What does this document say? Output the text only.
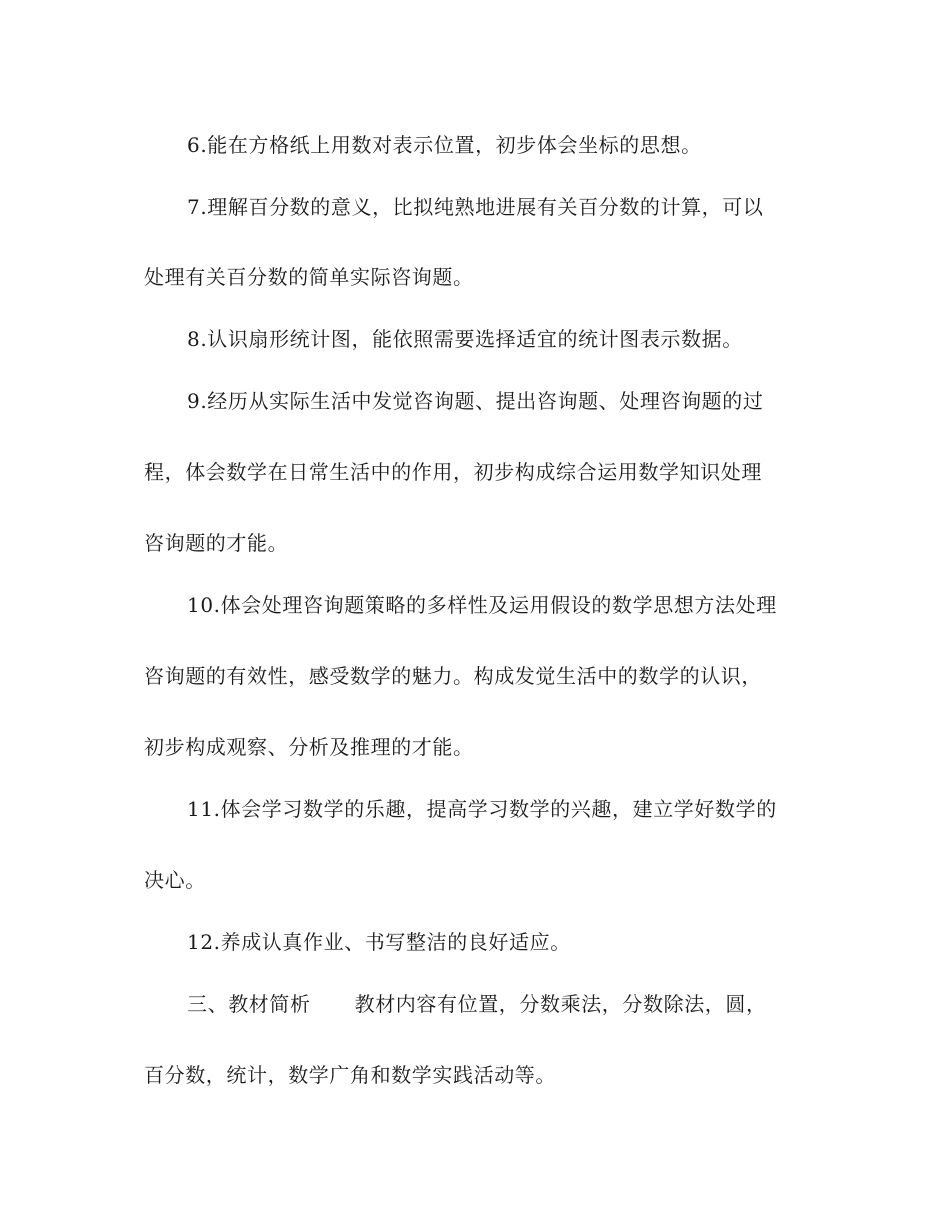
6.能在方格纸上用数对表示位置，初步体会坐标的思想。

7.理解百分数的意义，比拟纯熟地进展有关百分数的计算，可以

处理有关百分数的简单实际咨询题。

8.认识扇形统计图，能依照需要选择适宜的统计图表示数据。

9.经历从实际生活中发觉咨询题、提出咨询题、处理咨询题的过

程，体会数学在日常生活中的作用，初步构成综合运用数学知识处理

咨询题的才能。

10.体会处理咨询题策略的多样性及运用假设的数学思想方法处理

咨询题的有效性，感受数学的魅力。构成发觉生活中的数学的认识，

初步构成观察、分析及推理的才能。

11.体会学习数学的乐趣，提高学习数学的兴趣，建立学好数学的

决心。

12.养成认真作业、书写整洁的良好适应。

三、教材简析 教材内容有位置，分数乘法，分数除法，圆，

百分数，统计，数学广角和数学实践活动等。
